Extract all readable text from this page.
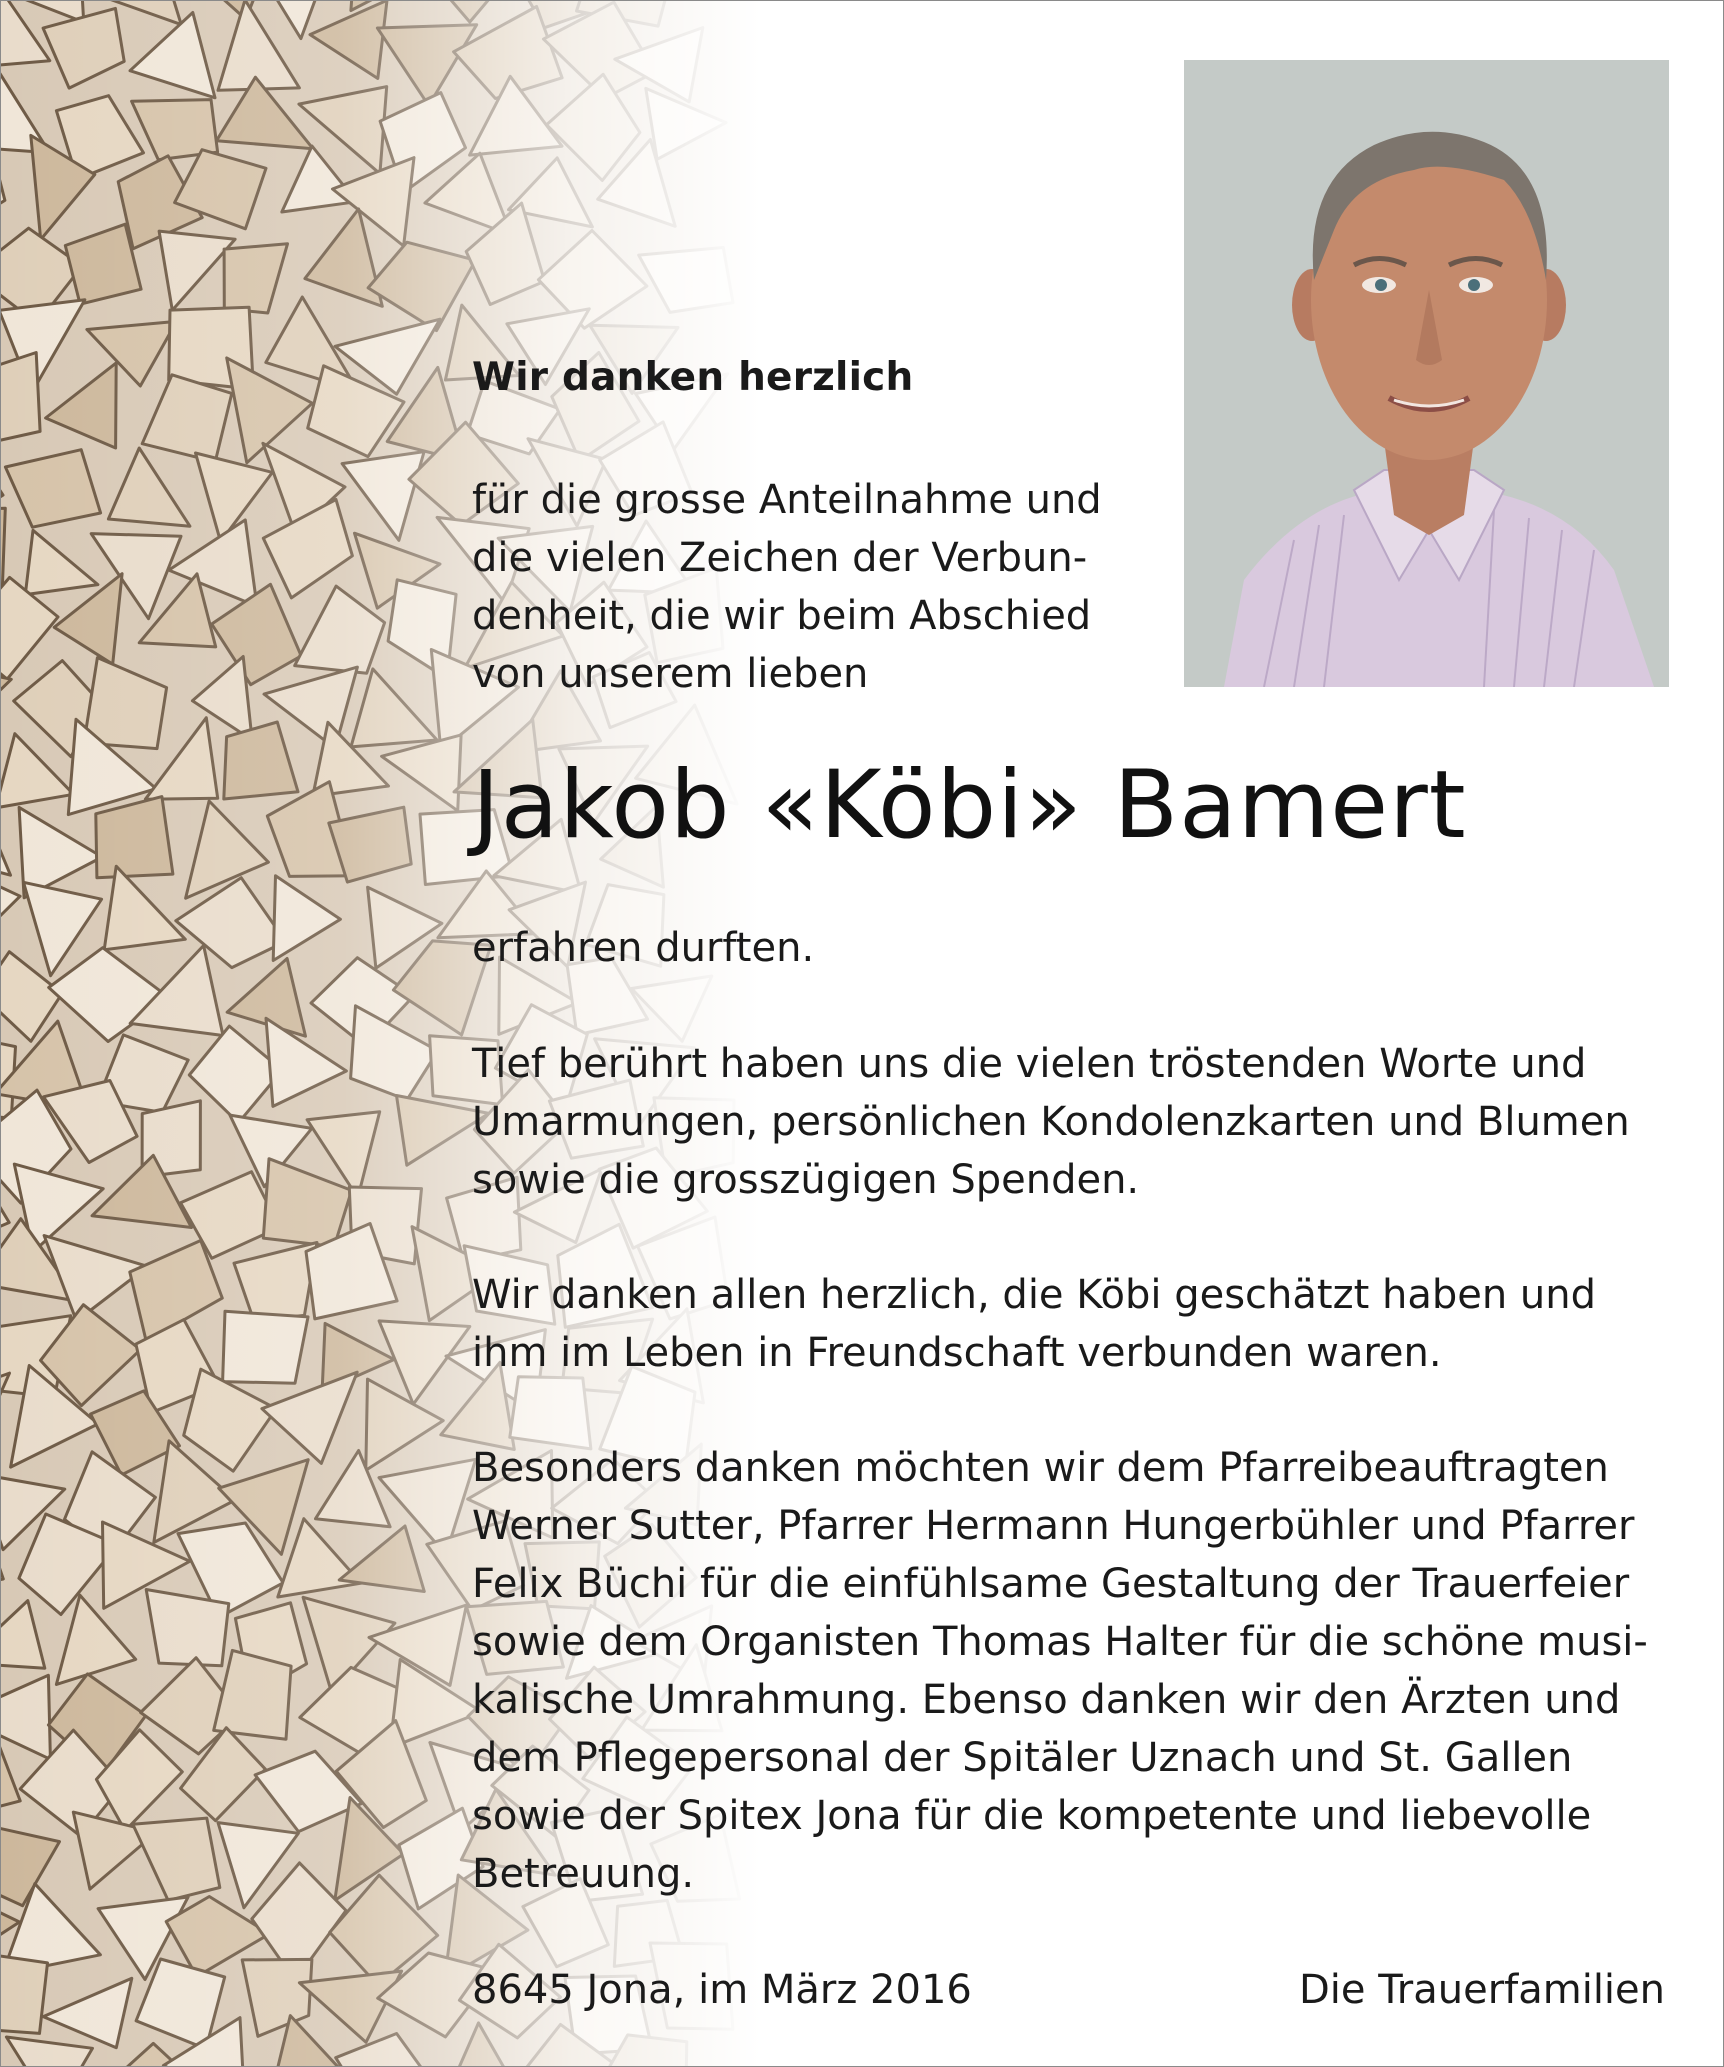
Wir danken herzlich
für die grosse Anteilnahme und
die vielen Zeichen der Verbun-
denheit, die wir beim Abschied
von unserem lieben
Jakob «Köbi» Bamert
erfahren durften.
Tief berührt haben uns die vielen tröstenden Worte und
Umarmungen, persönlichen Kondolenzkarten und Blumen
sowie die grosszügigen Spenden.
Wir danken allen herzlich, die Köbi geschätzt haben und
ihm im Leben in Freundschaft verbunden waren.
Besonders danken möchten wir dem Pfarreibeauftragten
Werner Sutter, Pfarrer Hermann Hungerbühler und Pfarrer
Felix Büchi für die einfühlsame Gestaltung der Trauerfeier
sowie dem Organisten Thomas Halter für die schöne musi-
kalische Umrahmung. Ebenso danken wir den Ärzten und
dem Pflegepersonal der Spitäler Uznach und St. Gallen
sowie der Spitex Jona für die kompetente und liebevolle
Betreuung.
8645 Jona, im März 2016	Die Trauerfamilien
